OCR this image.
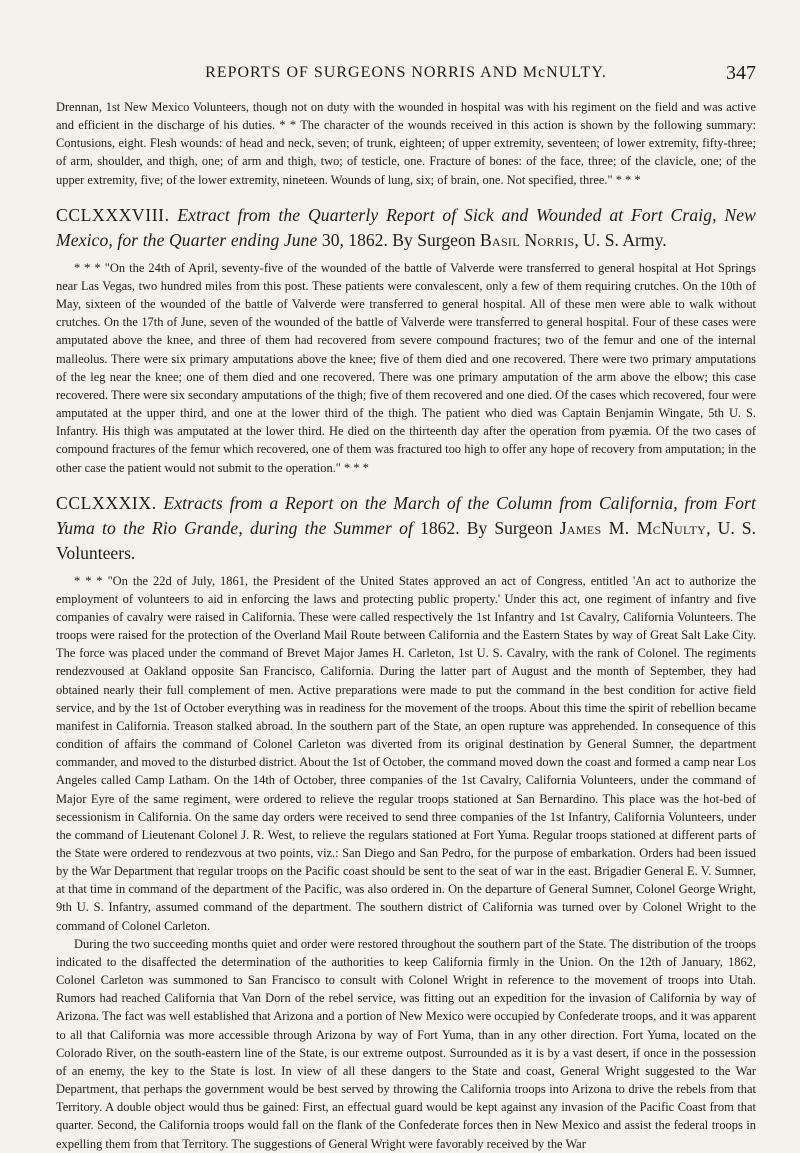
REPORTS OF SURGEONS NORRIS AND McNULTY.	347

Drennan, 1st New Mexico Volunteers, though not on duty with the wounded in hospital was with his regiment on the field and was active and efficient in the discharge of his duties. * * The character of the wounds received in this action is shown by the following summary: Contusions, eight. Flesh wounds: of head and neck, seven; of trunk, eighteen; of upper extremity, seventeen; of lower extremity, fifty-three; of arm, shoulder, and thigh, one; of arm and thigh, two; of testicle, one. Fracture of bones: of the face, three; of the clavicle, one; of the upper extremity, five; of the lower extremity, nineteen. Wounds of lung, six; of brain, one. Not specified, three." * * *

CCLXXXVIII. Extract from the Quarterly Report of Sick and Wounded at Fort Craig, New Mexico, for the Quarter ending June 30, 1862. By Surgeon Basil Norris, U. S. Army.

* * * "On the 24th of April, seventy-five of the wounded of the battle of Valverde were transferred to general hospital at Hot Springs near Las Vegas, two hundred miles from this post. These patients were convalescent, only a few of them requiring crutches. On the 10th of May, sixteen of the wounded of the battle of Valverde were transferred to general hospital. All of these men were able to walk without crutches. On the 17th of June, seven of the wounded of the battle of Valverde were transferred to general hospital. Four of these cases were amputated above the knee, and three of them had recovered from severe compound fractures; two of the femur and one of the internal malleolus. There were six primary amputations above the knee; five of them died and one recovered. There were two primary amputations of the leg near the knee; one of them died and one recovered. There was one primary amputation of the arm above the elbow; this case recovered. There were six secondary amputations of the thigh; five of them recovered and one died. Of the cases which recovered, four were amputated at the upper third, and one at the lower third of the thigh. The patient who died was Captain Benjamin Wingate, 5th U. S. Infantry. His thigh was amputated at the lower third. He died on the thirteenth day after the operation from pyæmia. Of the two cases of compound fractures of the femur which recovered, one of them was fractured too high to offer any hope of recovery from amputation; in the other case the patient would not submit to the operation." * * *

CCLXXXIX. Extracts from a Report on the March of the Column from California, from Fort Yuma to the Rio Grande, during the Summer of 1862. By Surgeon James M. McNulty, U. S. Volunteers.

* * * "On the 22d of July, 1861, the President of the United States approved an act of Congress, entitled 'An act to authorize the employment of volunteers to aid in enforcing the laws and protecting public property.' Under this act, one regiment of infantry and five companies of cavalry were raised in California. These were called respectively the 1st Infantry and 1st Cavalry, California Volunteers. The troops were raised for the protection of the Overland Mail Route between California and the Eastern States by way of Great Salt Lake City. The force was placed under the command of Brevet Major James H. Carleton, 1st U. S. Cavalry, with the rank of Colonel. The regiments rendezvoused at Oakland opposite San Francisco, California. During the latter part of August and the month of September, they had obtained nearly their full complement of men. Active preparations were made to put the command in the best condition for active field service, and by the 1st of October everything was in readiness for the movement of the troops. About this time the spirit of rebellion became manifest in California. Treason stalked abroad. In the southern part of the State, an open rupture was apprehended. In consequence of this condition of affairs the command of Colonel Carleton was diverted from its original destination by General Sumner, the department commander, and moved to the disturbed district. About the 1st of October, the command moved down the coast and formed a camp near Los Angeles called Camp Latham. On the 14th of October, three companies of the 1st Cavalry, California Volunteers, under the command of Major Eyre of the same regiment, were ordered to relieve the regular troops stationed at San Bernardino. This place was the hot-bed of secessionism in California. On the same day orders were received to send three companies of the 1st Infantry, California Volunteers, under the command of Lieutenant Colonel J. R. West, to relieve the regulars stationed at Fort Yuma. Regular troops stationed at different parts of the State were ordered to rendezvous at two points, viz.: San Diego and San Pedro, for the purpose of embarkation. Orders had been issued by the War Department that regular troops on the Pacific coast should be sent to the seat of war in the east. Brigadier General E. V. Sumner, at that time in command of the department of the Pacific, was also ordered in. On the departure of General Sumner, Colonel George Wright, 9th U. S. Infantry, assumed command of the department. The southern district of California was turned over by Colonel Wright to the command of Colonel Carleton.

During the two succeeding months quiet and order were restored throughout the southern part of the State. The distribution of the troops indicated to the disaffected the determination of the authorities to keep California firmly in the Union. On the 12th of January, 1862, Colonel Carleton was summoned to San Francisco to consult with Colonel Wright in reference to the movement of troops into Utah. Rumors had reached California that Van Dorn of the rebel service, was fitting out an expedition for the invasion of California by way of Arizona. The fact was well established that Arizona and a portion of New Mexico were occupied by Confederate troops, and it was apparent to all that California was more accessible through Arizona by way of Fort Yuma, than in any other direction. Fort Yuma, located on the Colorado River, on the south-eastern line of the State, is our extreme outpost. Surrounded as it is by a vast desert, if once in the possession of an enemy, the key to the State is lost. In view of all these dangers to the State and coast, General Wright suggested to the War Department, that perhaps the government would be best served by throwing the California troops into Arizona to drive the rebels from that Territory. A double object would thus be gained: First, an effectual guard would be kept against any invasion of the Pacific Coast from that quarter. Second, the California troops would fall on the flank of the Confederate forces then in New Mexico and assist the federal troops in expelling them from that Territory. The suggestions of General Wright were favorably received by the War
